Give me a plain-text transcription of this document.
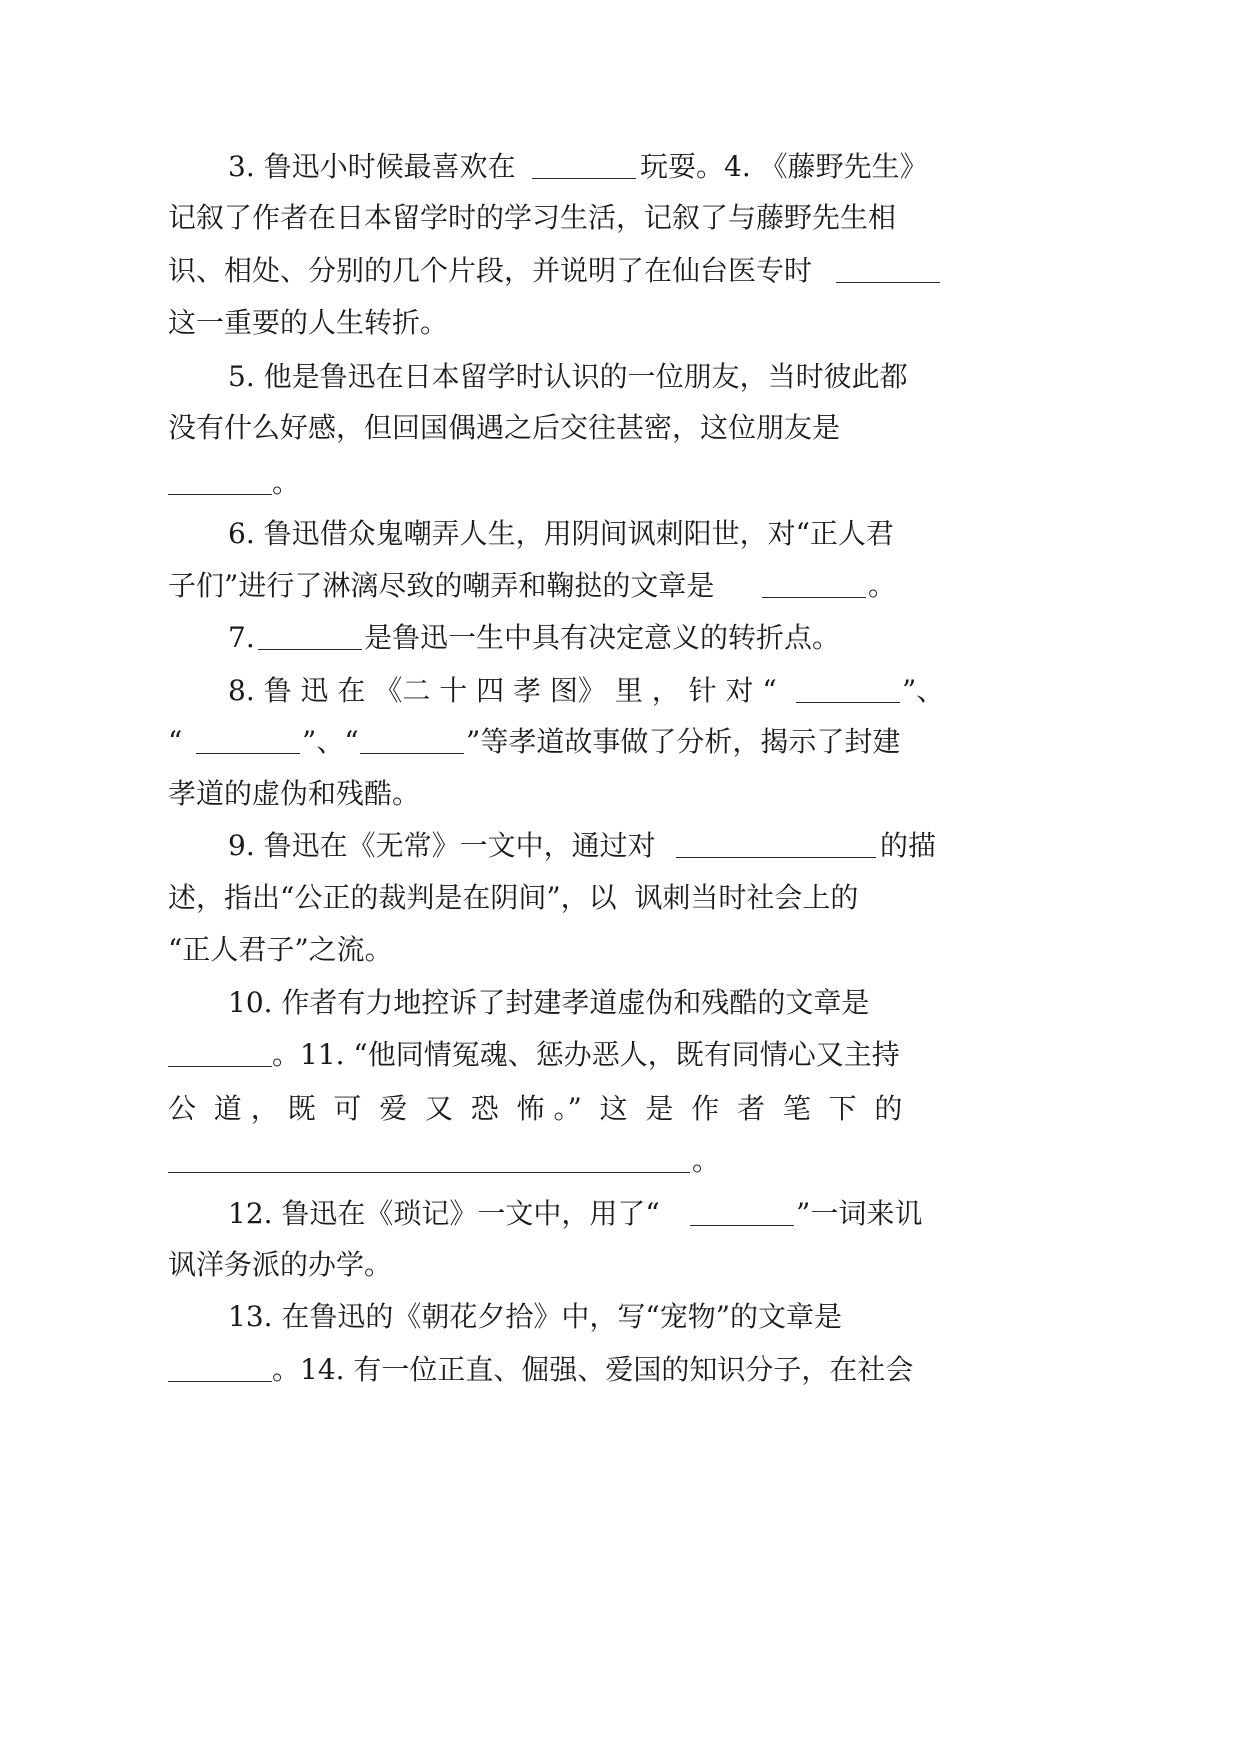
3. 鲁迅小时候最喜欢在

	玩耍。4. 《藤野先生》

记叙了作者在日本留学时的学习生活，记叙了与藤野先生相

识、相处、分别的几个片段，并说明了在仙台医专时

这一重要的人生转折。

5. 他是鲁迅在日本留学时认识的一位朋友，当时彼此都

没有什么好感，但回国偶遇之后交往甚密，这位朋友是

。

6. 鲁迅借众鬼嘲弄人生，用阴间讽刺阳世，对“正人君

子们”进行了淋漓尽致的嘲弄和鞠挞的文章是

	。

7.

	是鲁迅一生中具有决定意义的转折点。

8. 鲁 迅 在 《二 十 四 孝 图》 里 ， 针 对 “

	”、

“

	”、“

	”等孝道故事做了分析，揭示了封建

孝道的虚伪和残酷。

9. 鲁迅在《无常》一文中，通过对

	的描

述，指出“公正的裁判是在阴间”，以  讽刺当时社会上的

“正人君子”之流。

10. 作者有力地控诉了封建孝道虚伪和残酷的文章是

。11. “他同情冤魂、惩办恶人，既有同情心又主持

公  道 ， 既  可  爱  又  恐  怖 。”  这  是  作  者  笔  下  的

。

12. 鲁迅在《琐记》一文中，用了“

	”一词来讥

讽洋务派的办学。

13. 在鲁迅的《朝花夕拾》中，写“宠物”的文章是

。14. 有一位正直、倔强、爱国的知识分子，在社会
